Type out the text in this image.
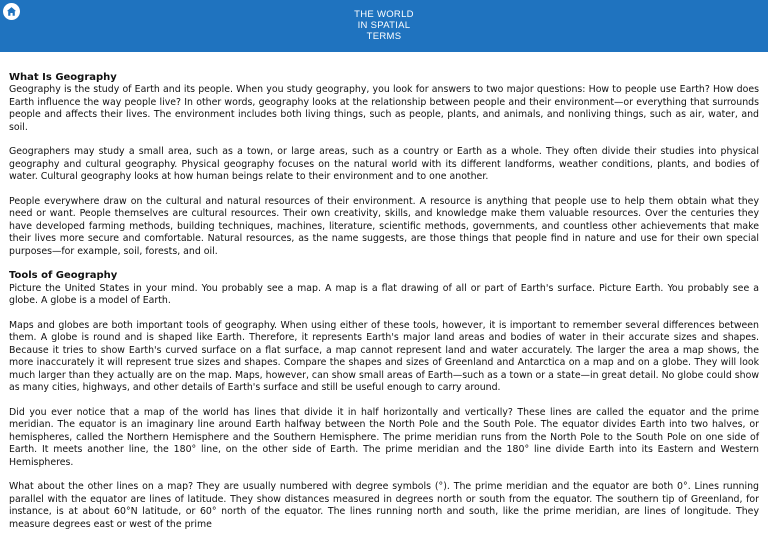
THE WORLD
IN SPATIAL
TERMS
What Is Geography

Geography is the study of Earth and its people. When you study geography, you look for answers to two major questions: How to people use Earth? How does Earth influence the way people live? In other words, geography looks at the relationship between people and their environment—or everything that surrounds people and affects their lives. The environment includes both living things, such as people, plants, and animals, and nonliving things, such as air, water, and soil.

Geographers may study a small area, such as a town, or large areas, such as a country or Earth as a whole. They often divide their studies into physical geography and cultural geography. Physical geography focuses on the natural world with its different landforms, weather conditions, plants, and bodies of water. Cultural geography looks at how human beings relate to their environment and to one another.

People everywhere draw on the cultural and natural resources of their environment. A resource is anything that people use to help them obtain what they need or want. People themselves are cultural resources. Their own creativity, skills, and knowledge make them valuable resources. Over the centuries they have developed farming methods, building techniques, machines, literature, scientific methods, governments, and countless other achievements that make their lives more secure and comfortable. Natural resources, as the name suggests, are those things that people find in nature and use for their own special purposes—for example, soil, forests, and oil.

Tools of Geography

Picture the United States in your mind. You probably see a map. A map is a flat drawing of all or part of Earth's surface. Picture Earth. You probably see a globe. A globe is a model of Earth.

Maps and globes are both important tools of geography. When using either of these tools, however, it is important to remember several differences between them. A globe is round and is shaped like Earth. Therefore, it represents Earth's major land areas and bodies of water in their accurate sizes and shapes. Because it tries to show Earth's curved surface on a flat surface, a map cannot represent land and water accurately. The larger the area a map shows, the more inaccurately it will represent true sizes and shapes. Compare the shapes and sizes of Greenland and Antarctica on a map and on a globe. They will look much larger than they actually are on the map. Maps, however, can show small areas of Earth—such as a town or a state—in great detail. No globe could show as many cities, highways, and other details of Earth's surface and still be useful enough to carry around.

Did you ever notice that a map of the world has lines that divide it in half horizontally and vertically? These lines are called the equator and the prime meridian. The equator is an imaginary line around Earth halfway between the North Pole and the South Pole. The equator divides Earth into two halves, or hemispheres, called the Northern Hemisphere and the Southern Hemisphere. The prime meridian runs from the North Pole to the South Pole on one side of Earth. It meets another line, the 180° line, on the other side of Earth. The prime meridian and the 180° line divide Earth into its Eastern and Western Hemispheres.

What about the other lines on a map? They are usually numbered with degree symbols (°). The prime meridian and the equator are both 0°. Lines running parallel with the equator are lines of latitude. They show distances measured in degrees north or south from the equator. The southern tip of Greenland, for instance, is at about 60°N latitude, or 60° north of the equator. The lines running north and south, like the prime meridian, are lines of longitude. They measure degrees east or west of the prime
